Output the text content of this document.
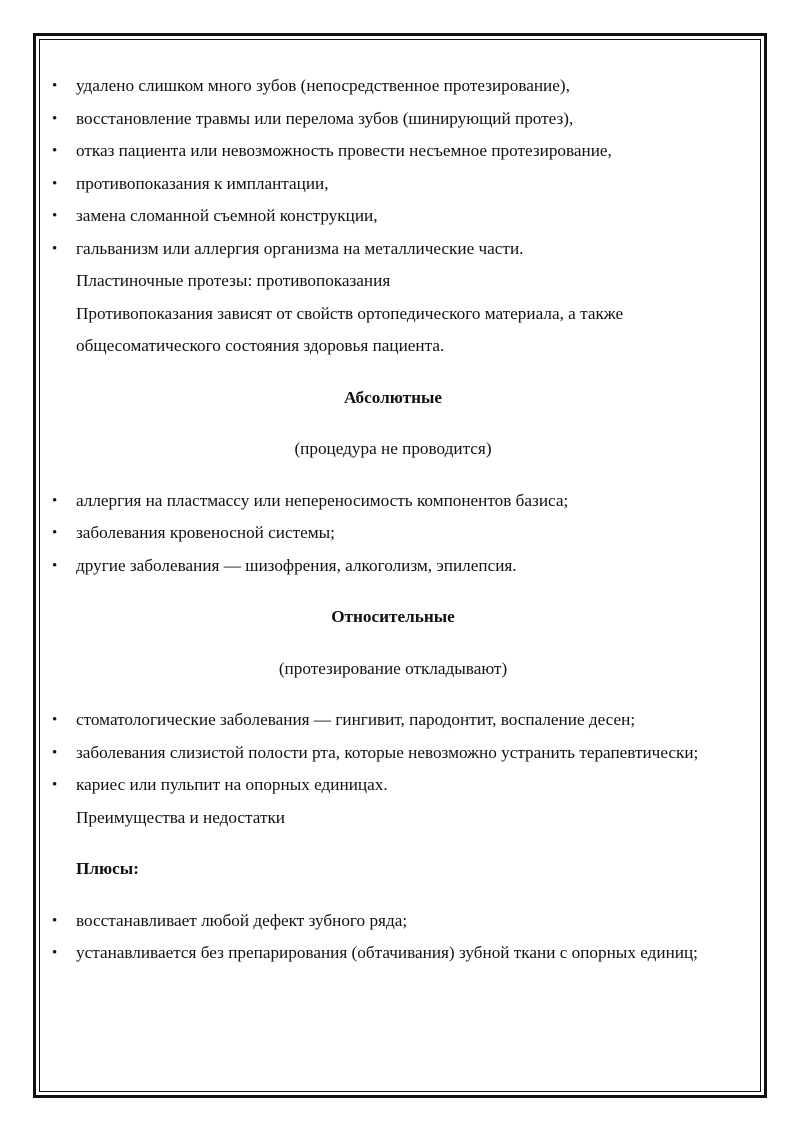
• удалено слишком много зубов (непосредственное протезирование),
• восстановление травмы или перелома зубов (шинирующий протез),
• отказ пациента или невозможность провести несъемное протезирование,
• противопоказания к имплантации,
• замена сломанной съемной конструкции,
• гальванизм или аллергия организма на металлические части.
Пластиночные протезы: противопоказания
Противопоказания зависят от свойств ортопедического материала, а также
общесоматического состояния здоровья пациента.
Абсолютные
(процедура не проводится)
• аллергия на пластмассу или непереносимость компонентов базиса;
• заболевания кровеносной системы;
• другие заболевания — шизофрения, алкоголизм, эпилепсия.
Относительные
(протезирование откладывают)
• стоматологические заболевания — гингивит, пародонтит, воспаление десен;
• заболевания слизистой полости рта, которые невозможно устранить терапевтически;
• кариес или пульпит на опорных единицах.
Преимущества и недостатки
Плюсы:
• восстанавливает любой дефект зубного ряда;
• устанавливается без препарирования (обтачивания) зубной ткани с опорных единиц;
